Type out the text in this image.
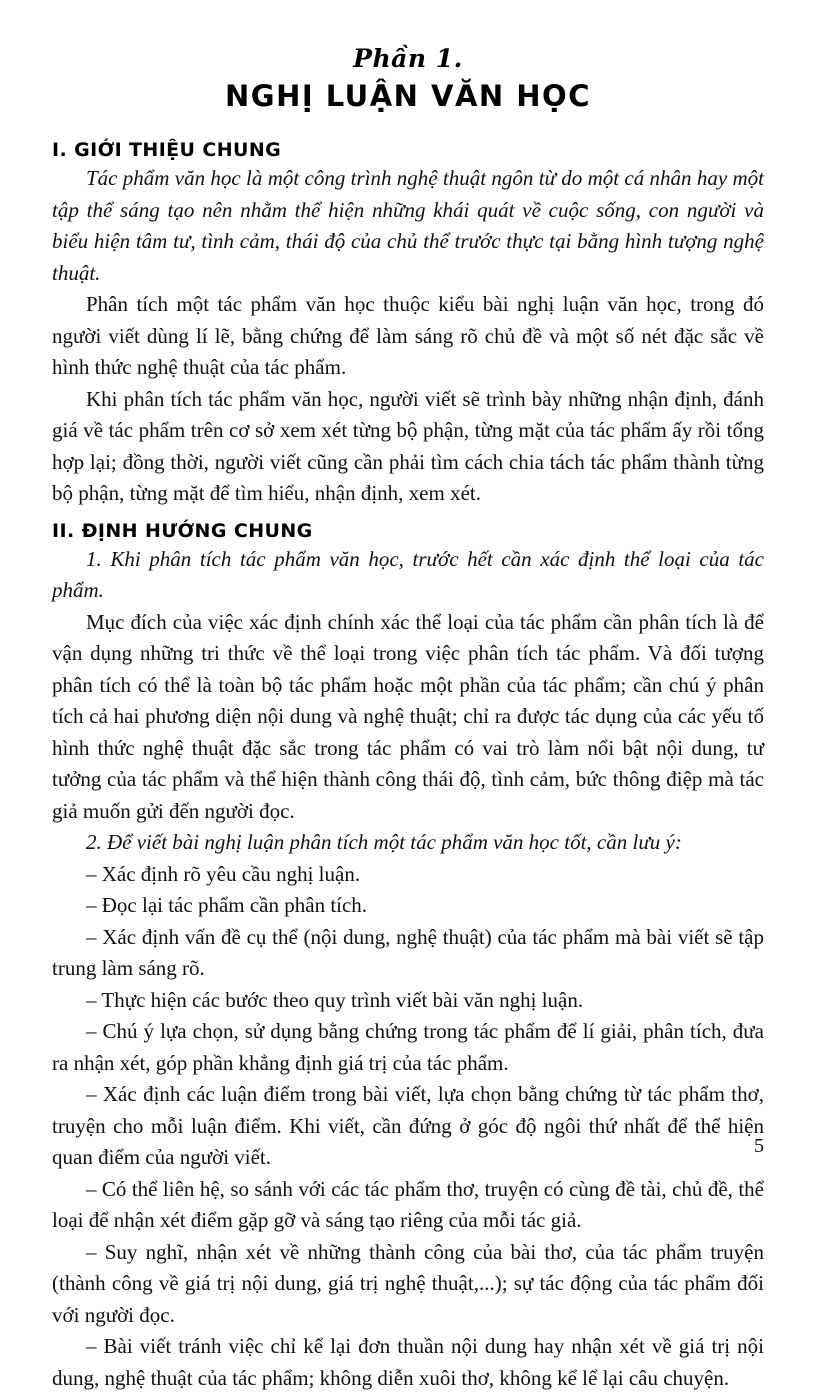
Phần 1.
NGHỊ LUẬN VĂN HỌC
I. GIỚI THIỆU CHUNG

Tác phẩm văn học là một công trình nghệ thuật ngôn từ do một cá nhân hay một tập thể sáng tạo nên nhằm thể hiện những khái quát về cuộc sống, con người và biểu hiện tâm tư, tình cảm, thái độ của chủ thể trước thực tại bằng hình tượng nghệ thuật.

Phân tích một tác phẩm văn học thuộc kiểu bài nghị luận văn học, trong đó người viết dùng lí lẽ, bằng chứng để làm sáng rõ chủ đề và một số nét đặc sắc về hình thức nghệ thuật của tác phẩm.

Khi phân tích tác phẩm văn học, người viết sẽ trình bày những nhận định, đánh giá về tác phẩm trên cơ sở xem xét từng bộ phận, từng mặt của tác phẩm ấy rồi tổng hợp lại; đồng thời, người viết cũng cần phải tìm cách chia tách tác phẩm thành từng bộ phận, từng mặt để tìm hiểu, nhận định, xem xét.

II. ĐỊNH HƯỚNG CHUNG

1. Khi phân tích tác phẩm văn học, trước hết cần xác định thể loại của tác phẩm.

Mục đích của việc xác định chính xác thể loại của tác phẩm cần phân tích là để vận dụng những tri thức về thể loại trong việc phân tích tác phẩm. Và đối tượng phân tích có thể là toàn bộ tác phẩm hoặc một phần của tác phẩm; cần chú ý phân tích cả hai phương diện nội dung và nghệ thuật; chỉ ra được tác dụng của các yếu tố hình thức nghệ thuật đặc sắc trong tác phẩm có vai trò làm nổi bật nội dung, tư tưởng của tác phẩm và thể hiện thành công thái độ, tình cảm, bức thông điệp mà tác giả muốn gửi đến người đọc.

2. Để viết bài nghị luận phân tích một tác phẩm văn học tốt, cần lưu ý:

– Xác định rõ yêu cầu nghị luận.

– Đọc lại tác phẩm cần phân tích.

– Xác định vấn đề cụ thể (nội dung, nghệ thuật) của tác phẩm mà bài viết sẽ tập trung làm sáng rõ.

– Thực hiện các bước theo quy trình viết bài văn nghị luận.

– Chú ý lựa chọn, sử dụng bằng chứng trong tác phẩm để lí giải, phân tích, đưa ra nhận xét, góp phần khẳng định giá trị của tác phẩm.

– Xác định các luận điểm trong bài viết, lựa chọn bằng chứng từ tác phẩm thơ, truyện cho mỗi luận điểm. Khi viết, cần đứng ở góc độ ngôi thứ nhất để thể hiện quan điểm của người viết.

– Có thể liên hệ, so sánh với các tác phẩm thơ, truyện có cùng đề tài, chủ đề, thể loại để nhận xét điểm gặp gỡ và sáng tạo riêng của mỗi tác giả.

– Suy nghĩ, nhận xét về những thành công của bài thơ, của tác phẩm truyện (thành công về giá trị nội dung, giá trị nghệ thuật,...); sự tác động của tác phẩm đối với người đọc.

– Bài viết tránh việc chỉ kể lại đơn thuần nội dung hay nhận xét về giá trị nội dung, nghệ thuật của tác phẩm; không diễn xuôi thơ, không kể lể lại câu chuyện.

5
